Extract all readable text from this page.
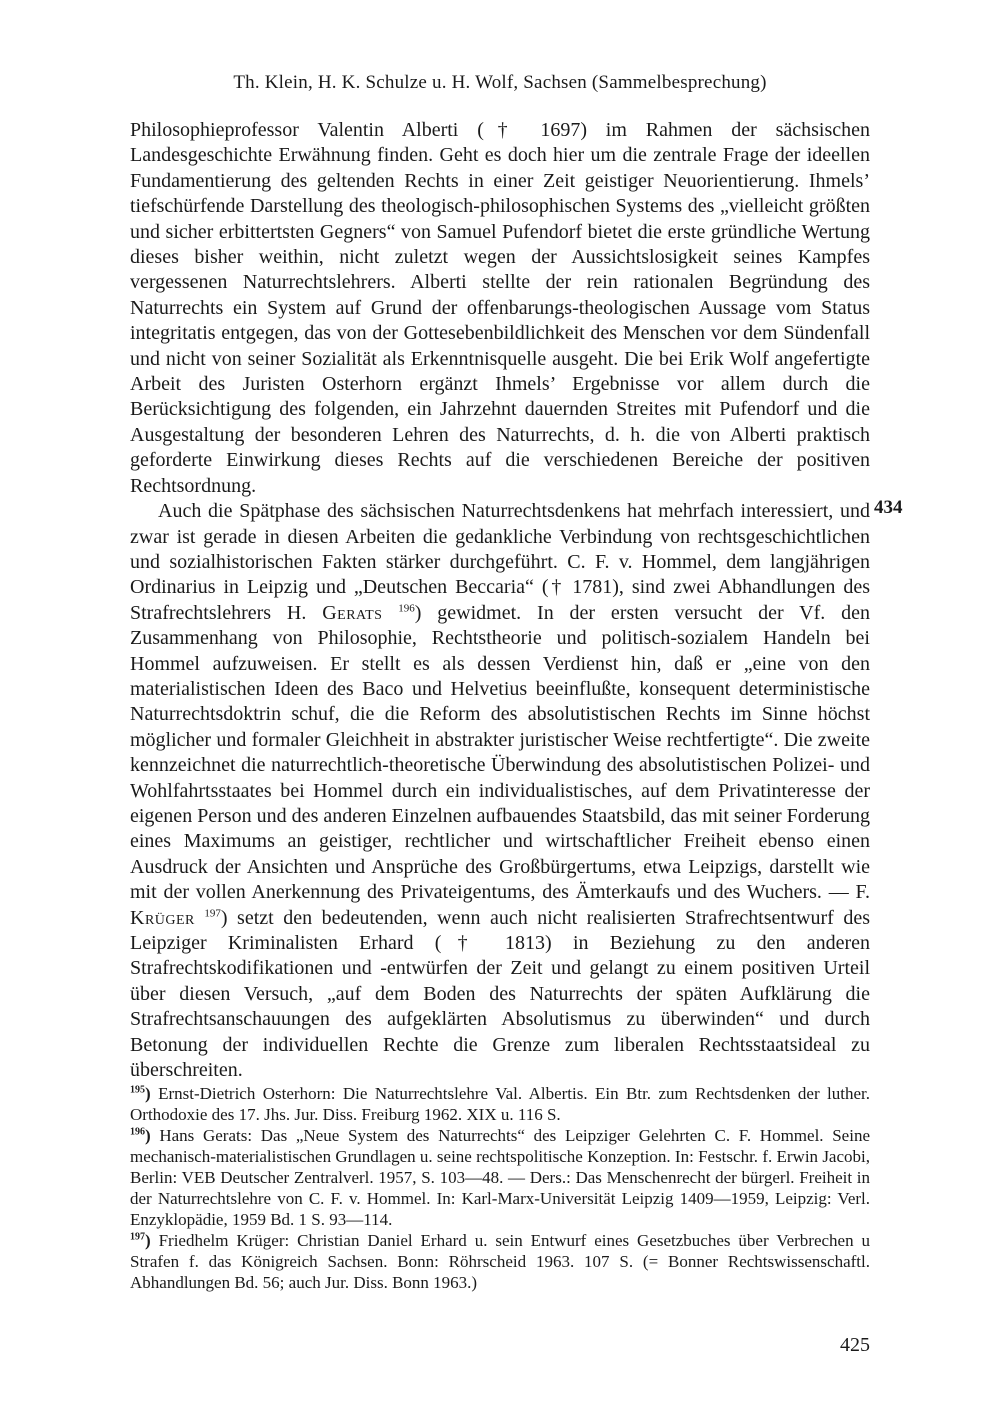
Th. Klein, H. K. Schulze u. H. Wolf, Sachsen (Sammelbesprechung)

Philosophieprofessor Valentin Alberti († 1697) im Rahmen der sächsischen Landesgeschichte Erwähnung finden. Geht es doch hier um die zentrale Frage der ideellen Fundamentierung des geltenden Rechts in einer Zeit geistiger Neuorientierung. Ihmels’ tiefschürfende Darstellung des theologisch-philosophischen Systems des „vielleicht größten und sicher erbittertsten Gegners“ von Samuel Pufendorf bietet die erste gründliche Wertung dieses bisher weithin, nicht zuletzt wegen der Aussichtslosigkeit seines Kampfes vergessenen Naturrechtslehrers. Alberti stellte der rein rationalen Begründung des Naturrechts ein System auf Grund der offenbarungs-theologischen Aussage vom Status integritatis entgegen, das von der Gottesebenbildlichkeit des Menschen vor dem Sündenfall und nicht von seiner Sozialität als Erkenntnisquelle ausgeht. Die bei Erik Wolf angefertigte Arbeit des Juristen Osterhorn ergänzt Ihmels’ Ergebnisse vor allem durch die Berücksichtigung des folgenden, ein Jahrzehnt dauernden Streites mit Pufendorf und die Ausgestaltung der besonderen Lehren des Naturrechts, d. h. die von Alberti praktisch geforderte Einwirkung dieses Rechts auf die verschiedenen Bereiche der positiven Rechtsordnung.

Auch die Spätphase des sächsischen Naturrechtsdenkens hat mehrfach interessiert, und zwar ist gerade in diesen Arbeiten die gedankliche Verbindung von rechtsgeschichtlichen und sozialhistorischen Fakten stärker durchgeführt. C. F. v. Hommel, dem langjährigen Ordinarius in Leipzig und „Deutschen Beccaria“ († 1781), sind zwei Abhandlungen des Strafrechtslehrers H. Gerats $^{196}$) gewidmet. In der ersten versucht der Vf. den Zusammenhang von Philosophie, Rechtstheorie und politisch-sozialem Handeln bei Hommel aufzuweisen. Er stellt es als dessen Verdienst hin, daß er „eine von den materialistischen Ideen des Baco und Helvetius beeinflußte, konsequent deterministische Naturrechtsdoktrin schuf, die die Reform des absolutistischen Rechts im Sinne höchst möglicher und formaler Gleichheit in abstrakter juristischer Weise rechtfertigte“. Die zweite kennzeichnet die naturrechtlich-theoretische Überwindung des absolutistischen Polizei- und Wohlfahrtsstaates bei Hommel durch ein individualistisches, auf dem Privatinteresse der eigenen Person und des anderen Einzelnen aufbauendes Staatsbild, das mit seiner Forderung eines Maximums an geistiger, rechtlicher und wirtschaftlicher Freiheit ebenso einen Ausdruck der Ansichten und Ansprüche des Großbürgertums, etwa Leipzigs, darstellt wie mit der vollen Anerkennung des Privateigentums, des Ämterkaufs und des Wuchers. — F. Krüger $^{197}$) setzt den bedeutenden, wenn auch nicht realisierten Strafrechtsentwurf des Leipziger Kriminalisten Erhard († 1813) in Beziehung zu den anderen Strafrechtskodifikationen und -entwürfen der Zeit und gelangt zu einem positiven Urteil über diesen Versuch, „auf dem Boden des Naturrechts der späten Aufklärung die Strafrechtsanschauungen des aufgeklärten Absolutismus zu überwinden“ und durch Betonung der individuellen Rechte die Grenze zum liberalen Rechtsstaatsideal zu überschreiten.

434

$^{195}$) Ernst-Dietrich Osterhorn: Die Naturrechtslehre Val. Albertis. Ein Btr. zum Rechtsdenken der luther. Orthodoxie des 17. Jhs. Jur. Diss. Freiburg 1962. XIX u. 116 S.

$^{196}$) Hans Gerats: Das „Neue System des Naturrechts“ des Leipziger Gelehrten C. F. Hommel. Seine mechanisch-materialistischen Grundlagen u. seine rechtspolitische Konzeption. In: Festschr. f. Erwin Jacobi, Berlin: VEB Deutscher Zentralverl. 1957, S. 103—48. — Ders.: Das Menschenrecht der bürgerl. Freiheit in der Naturrechtslehre von C. F. v. Hommel. In: Karl-Marx-Universität Leipzig 1409—1959, Leipzig: Verl. Enzyklopädie, 1959 Bd. 1 S. 93—114.

$^{197}$) Friedhelm Krüger: Christian Daniel Erhard u. sein Entwurf eines Gesetzbuches über Verbrechen u Strafen f. das Königreich Sachsen. Bonn: Röhrscheid 1963. 107 S. (= Bonner Rechtswissenschaftl. Abhandlungen Bd. 56; auch Jur. Diss. Bonn 1963.)

425
